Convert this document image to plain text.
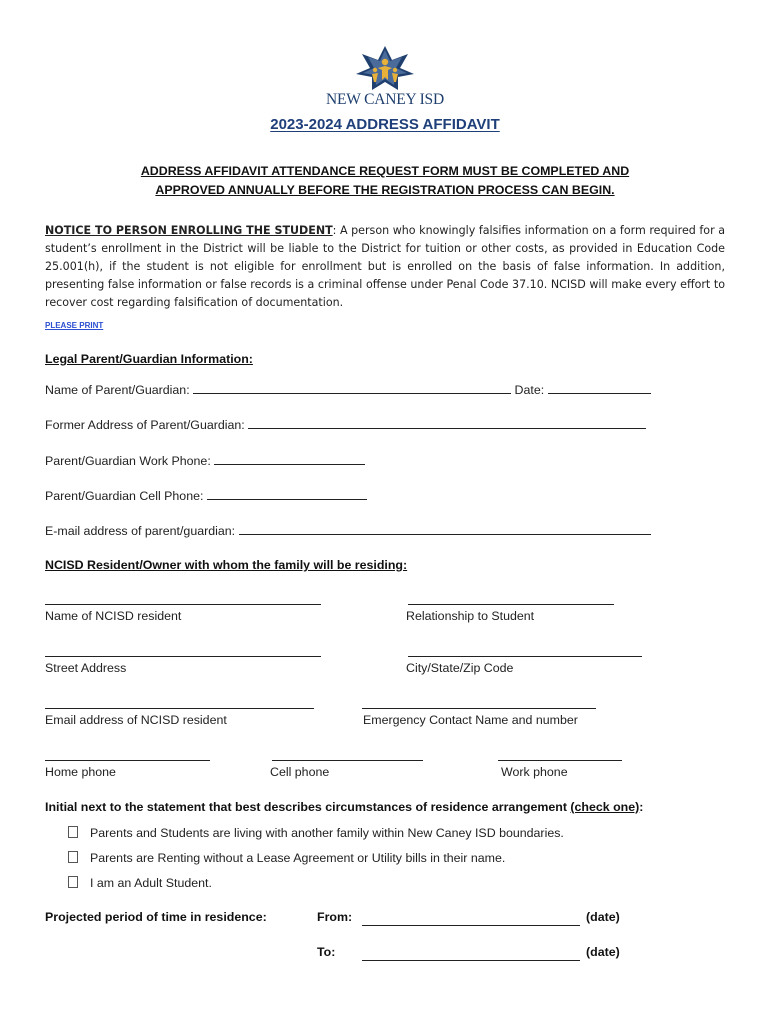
NEW CANEY ISD
2023-2024 ADDRESS AFFIDAVIT
ADDRESS AFFIDAVIT ATTENDANCE REQUEST FORM MUST BE COMPLETED AND
APPROVED ANNUALLY BEFORE THE REGISTRATION PROCESS CAN BEGIN.
NOTICE TO PERSON ENROLLING THE STUDENT: A person who knowingly falsifies information on a form required for a student’s enrollment in the District will be liable to the District for tuition or other costs, as provided in Education Code 25.001(h), if the student is not eligible for enrollment but is enrolled on the basis of false information. In addition, presenting false information or false records is a criminal offense under Penal Code 37.10. NCISD will make every effort to recover cost regarding falsification of documentation.
PLEASE PRINT
Legal Parent/Guardian Information:
Name of Parent/Guardian:	Date:
Former Address of Parent/Guardian:
Parent/Guardian Work Phone:
Parent/Guardian Cell Phone:
E-mail address of parent/guardian:
NCISD Resident/Owner with whom the family will be residing:
Name of NCISD resident	Relationship to Student
Street Address	City/State/Zip Code
Email address of NCISD resident	Emergency Contact Name and number
Home phone	Cell phone	Work phone
Initial next to the statement that best describes circumstances of residence arrangement (check one):
Parents and Students are living with another family within New Caney ISD boundaries.
Parents are Renting without a Lease Agreement or Utility bills in their name.
I am an Adult Student.
Projected period of time in residence:	From:	(date)
To:	(date)
